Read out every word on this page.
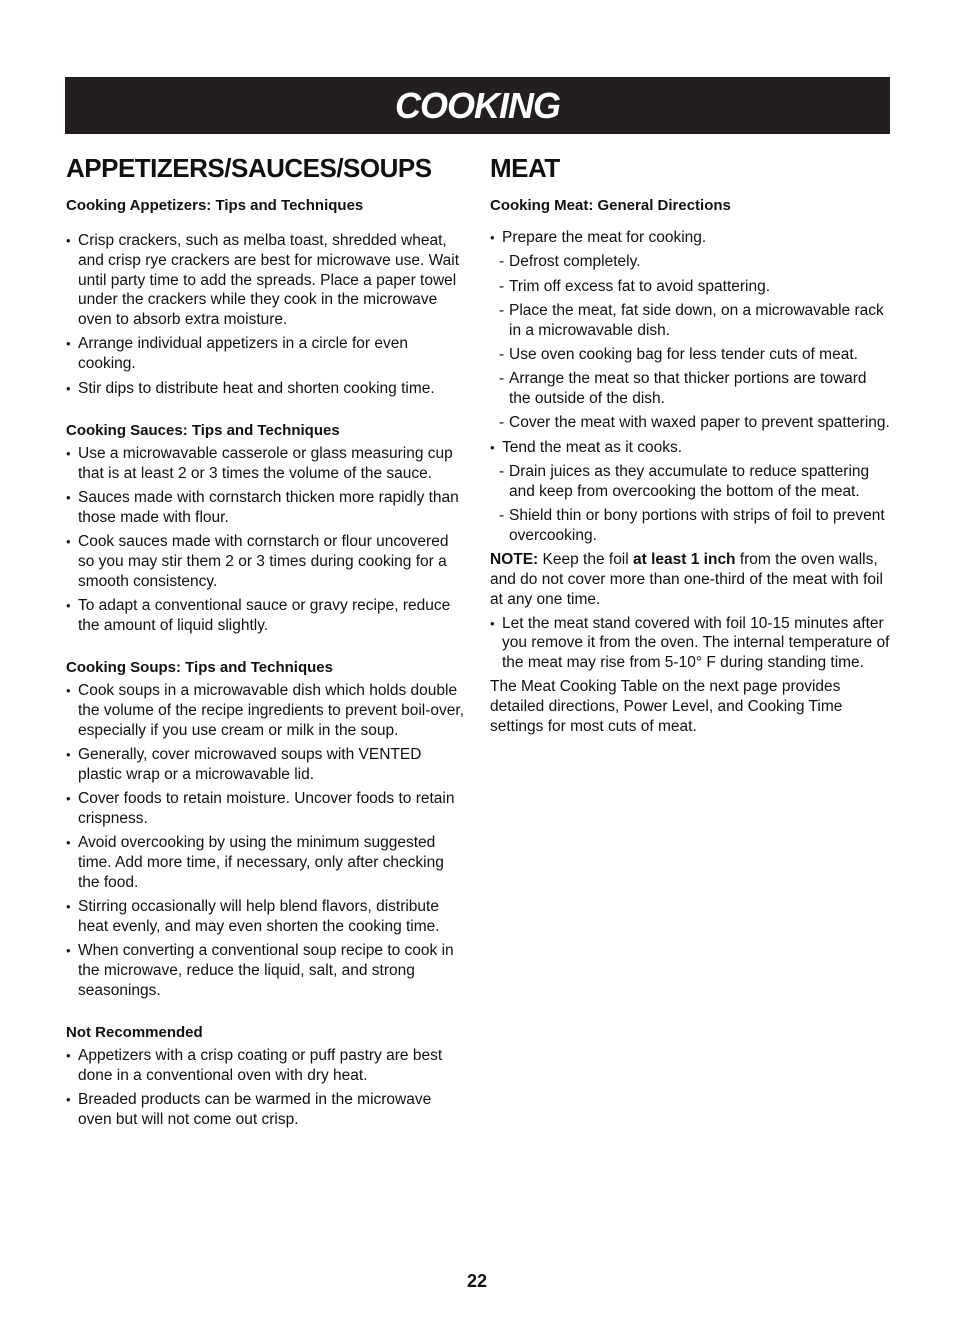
COOKING
APPETIZERS/SAUCES/SOUPS
Cooking Appetizers: Tips and Techniques
• Crisp crackers, such as melba toast, shredded wheat, and crisp rye crackers are best for microwave use. Wait until party time to add the spreads. Place a paper towel under the crackers while they cook in the microwave oven to absorb extra moisture.
• Arrange individual appetizers in a circle for even cooking.
• Stir dips to distribute heat and shorten cooking time.
Cooking Sauces: Tips and Techniques
• Use a microwavable casserole or glass measuring cup that is at least 2 or 3 times the volume of the sauce.
• Sauces made with cornstarch thicken more rapidly than those made with flour.
• Cook sauces made with cornstarch or flour uncovered so you may stir them 2 or 3 times during cooking for a smooth consistency.
• To adapt a conventional sauce or gravy recipe, reduce the amount of liquid slightly.
Cooking Soups: Tips and Techniques
• Cook soups in a microwavable dish which holds double the volume of the recipe ingredients to prevent boil-over, especially if you use cream or milk in the soup.
• Generally, cover microwaved soups with VENTED plastic wrap or a microwavable lid.
• Cover foods to retain moisture. Uncover foods to retain crispness.
• Avoid overcooking by using the minimum suggested time. Add more time, if necessary, only after checking the food.
• Stirring occasionally will help blend flavors, distribute heat evenly, and may even shorten the cooking time.
• When converting a conventional soup recipe to cook in the microwave, reduce the liquid, salt, and strong seasonings.
Not Recommended
• Appetizers with a crisp coating or puff pastry are best done in a conventional oven with dry heat.
• Breaded products can be warmed in the microwave oven but will not come out crisp.
MEAT
Cooking Meat: General Directions
• Prepare the meat for cooking.
- Defrost completely.
- Trim off excess fat to avoid spattering.
- Place the meat, fat side down, on a microwavable rack in a microwavable dish.
- Use oven cooking bag for less tender cuts of meat.
- Arrange the meat so that thicker portions are toward the outside of the dish.
- Cover the meat with waxed paper to prevent spattering.
• Tend the meat as it cooks.
- Drain juices as they accumulate to reduce spattering and keep from overcooking the bottom of the meat.
- Shield thin or bony portions with strips of foil to prevent overcooking.

NOTE: Keep the foil at least 1 inch from the oven walls, and do not cover more than one-third of the meat with foil at any one time.

• Let the meat stand covered with foil 10-15 minutes after you remove it from the oven. The internal temperature of the meat may rise from 5-10° F during standing time.

The Meat Cooking Table on the next page provides detailed directions, Power Level, and Cooking Time settings for most cuts of meat.

22
